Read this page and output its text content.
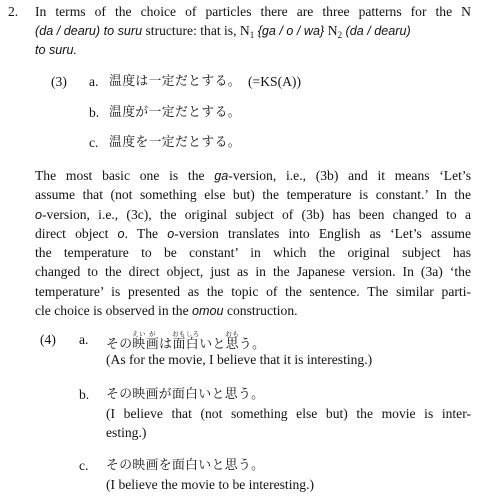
2. In terms of the choice of particles there are three patterns for the N
(da / dearu) to suru structure: that is, $N_1$ {ga / o / wa} $N_2$ (da / dearu)
to suru.
(3) a. 温度は一定だとする。 (=KS(A))
b. 温度が一定だとする。
c. 温度を一定だとする。
The most basic one is the ga-version, i.e., (3b) and it means ‘Let’s
assume that (not something else but) the temperature is constant.’ In the
o-version, i.e., (3c), the original subject of (3b) has been changed to a
direct object o. The o-version translates into English as ‘Let’s assume
the temperature to be constant’ in which the original subject has
changed to the direct object, just as in the Japanese version. In (3a) ‘the
temperature’ is presented as the topic of the sentence. The similar parti-
cle choice is observed in the omou construction.
(4) a. その映えい画がは面白おもしろいと思おもう。
(As for the movie, I believe that it is interesting.)
b. その映画が面白いと思う。
(I believe that (not something else but) the movie is inter-
esting.)
c. その映画を面白いと思う。
(I believe the movie to be interesting.)
